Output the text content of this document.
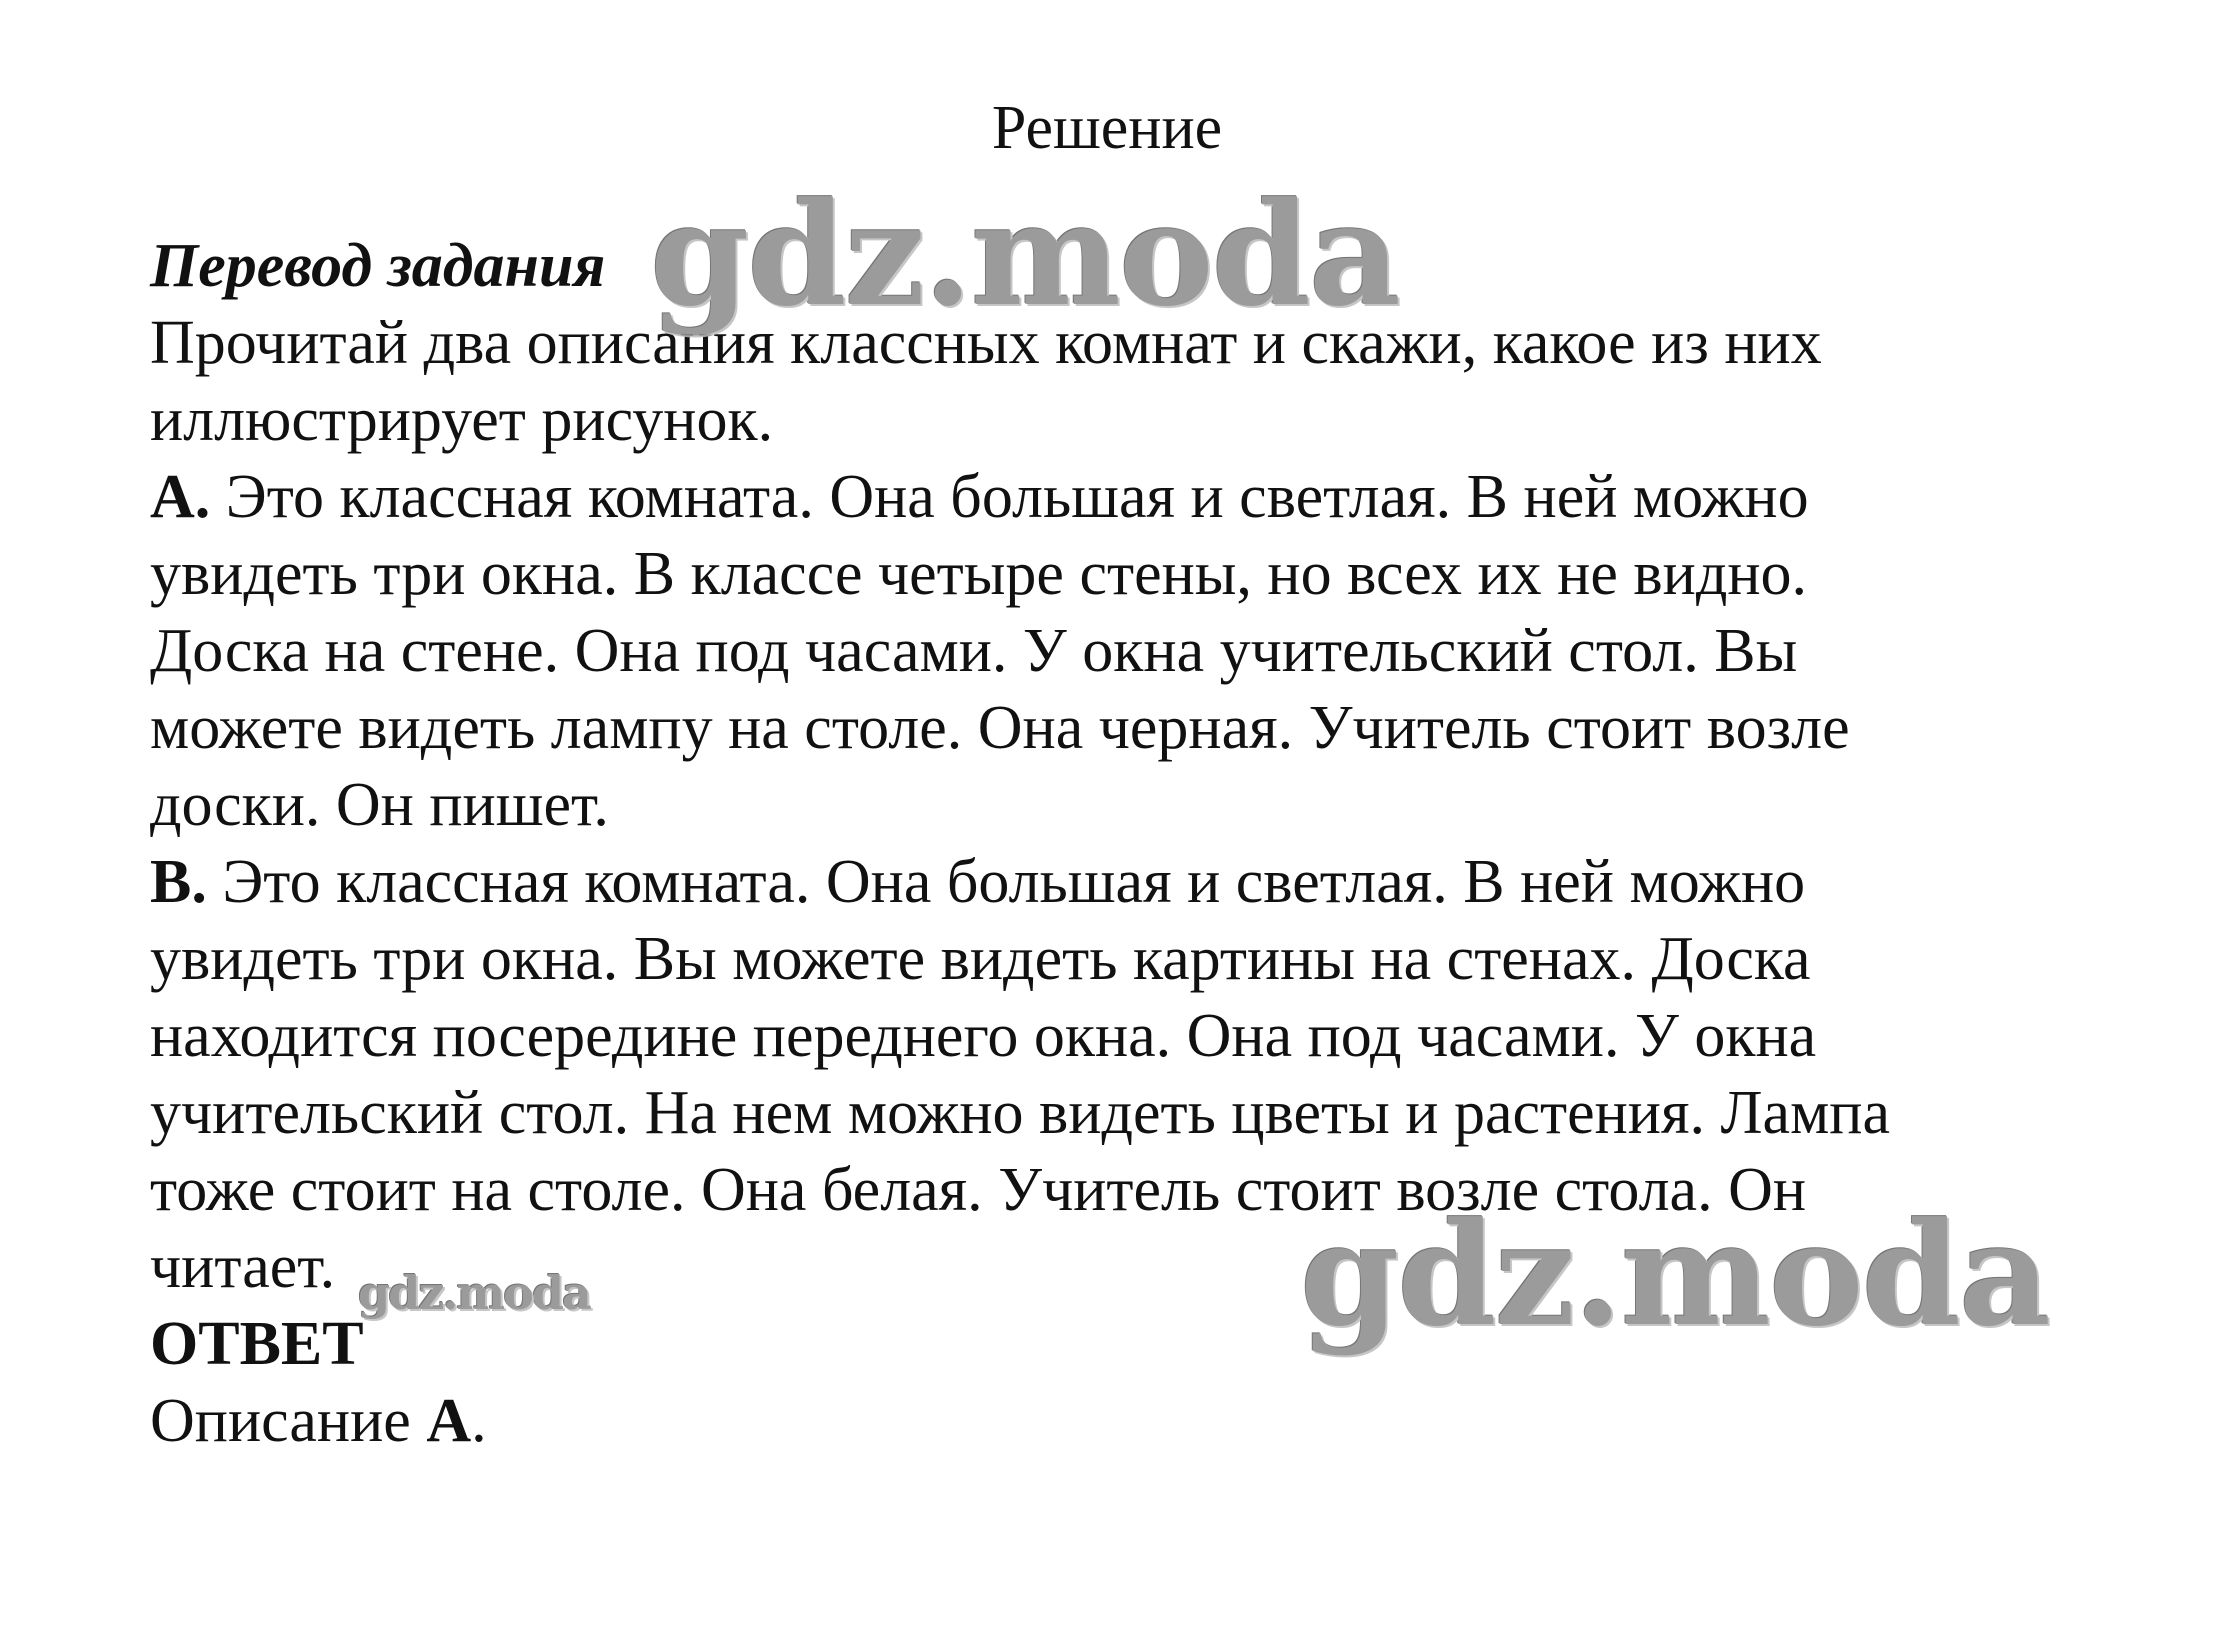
Решение
Перевод задания
Прочитай два описания классных комнат и скажи, какое из них
иллюстрирует рисунок.
А. Это классная комната. Она большая и светлая. В ней можно
увидеть три окна. В классе четыре стены, но всех их не видно.
Доска на стене. Она под часами. У окна учительский стол. Вы
можете видеть лампу на столе. Она черная. Учитель стоит возле
доски. Он пишет.
В. Это классная комната. Она большая и светлая. В ней можно
увидеть три окна. Вы можете видеть картины на стенах. Доска
находится посередине переднего окна. Она под часами. У окна
учительский стол. На нем можно видеть цветы и растения. Лампа
тоже стоит на столе. Она белая. Учитель стоит возле стола. Он
читает.
ОТВЕТ
Описание А.
gdz.moda
gdz.moda	gdz.moda
